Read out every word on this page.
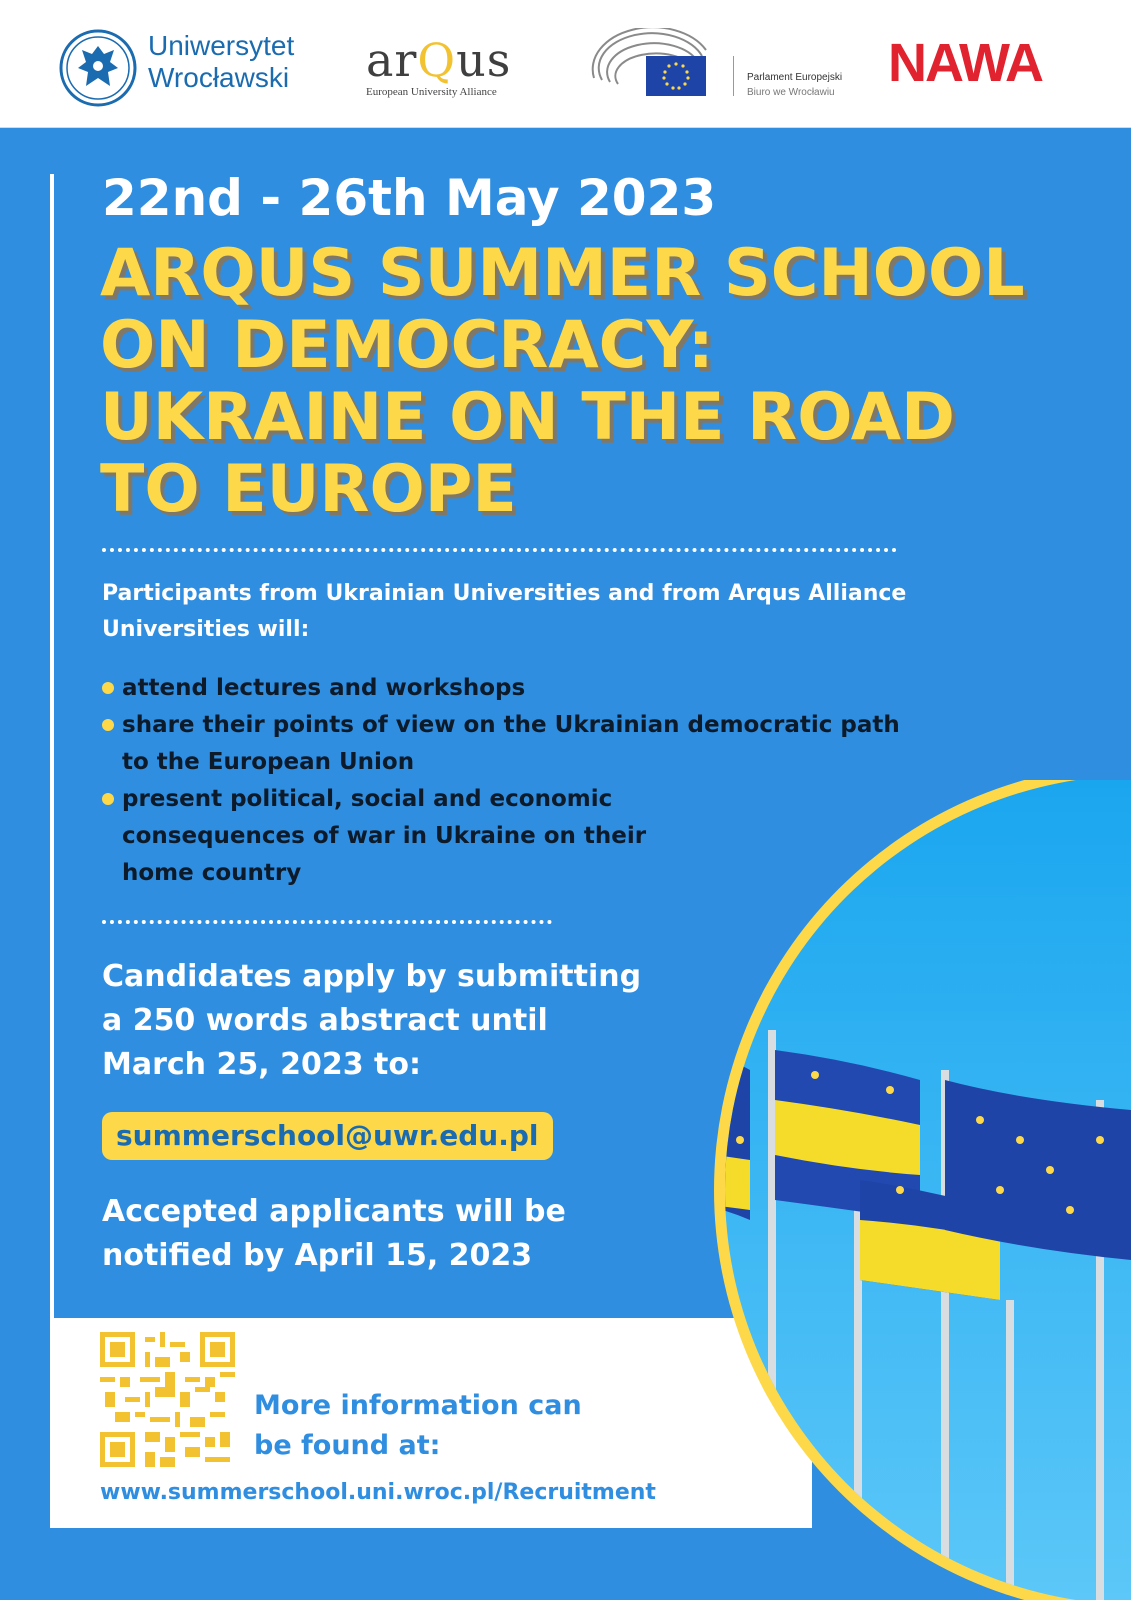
Uniwersytet
Wrocławski arQus
European University Alliance
Parlament Europejski
Biuro we Wrocławiu NAWA
22nd - 26th May 2023
ARQUS SUMMER SCHOOL
ON DEMOCRACY:
UKRAINE ON THE ROAD
TO EUROPE

Participants from Ukrainian Universities and from Arqus Alliance Universities will:

attend lectures and workshops
share their points of view on the Ukrainian democratic path
to the European Union
present political, social and economic
consequences of war in Ukraine on their
home country

Candidates apply by submitting
a 250 words abstract until
March 25, 2023 to:

summerschool@uwr.edu.pl

Accepted applicants will be
notified by April 15, 2023

More information can
be found at:

www.summerschool.uni.wroc.pl/Recruitment
